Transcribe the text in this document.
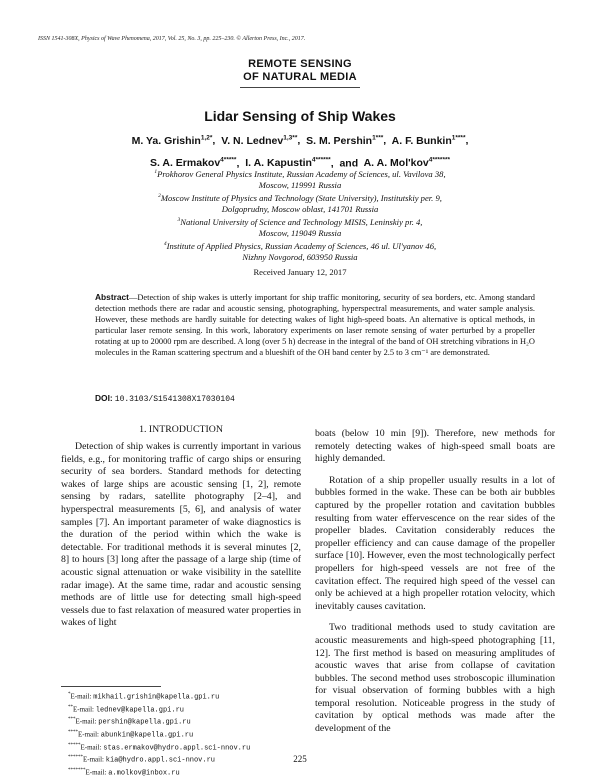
ISSN 1541-308X, Physics of Wave Phenomena, 2017, Vol. 25, No. 3, pp. 225–230. © Allerton Press, Inc., 2017.
REMOTE SENSING
OF NATURAL MEDIA
Lidar Sensing of Ship Wakes
M. Ya. Grishin$^{1,2*}$, V. N. Lednev$^{1,3**}$, S. M. Pershin$^{1***}$, A. F. Bunkin$^{1****}$,
S. A. Ermakov$^{4*****}$, I. A. Kapustin$^{4******}$, and A. A. Mol'kov$^{4*******}$
$^1$Prokhorov General Physics Institute, Russian Academy of Sciences, ul. Vavilova 38,
Moscow, 119991 Russia
$^2$Moscow Institute of Physics and Technology (State University), Institutskiy per. 9,
Dolgoprudny, Moscow oblast, 141701 Russia
$^3$National University of Science and Technology MISIS, Leninskiy pr. 4,
Moscow, 119049 Russia
$^4$Institute of Applied Physics, Russian Academy of Sciences, 46 ul. Ul'yanov 46,
Nizhny Novgorod, 603950 Russia
Received January 12, 2017
Abstract—Detection of ship wakes is utterly important for ship traffic monitoring, security of sea borders, etc. Among standard detection methods there are radar and acoustic sensing, photographing, hyperspectral measurements, and water sample analysis. However, these methods are hardly suitable for detecting wakes of light high-speed boats. An alternative is optical methods, in particular laser remote sensing. In this work, laboratory experiments on laser remote sensing of water perturbed by a propeller rotating at up to 20000 rpm are described. A long (over 5 h) decrease in the integral of the band of OH stretching vibrations in H₂O molecules in the Raman scattering spectrum and a blueshift of the OH band center by 2.5 to 3 cm⁻¹ are demonstrated.
DOI: 10.3103/S1541308X17030104
1. INTRODUCTION

Detection of ship wakes is currently important in various fields, e.g., for monitoring traffic of cargo ships or ensuring security of sea borders. Standard methods for detecting wakes of large ships are acoustic sensing [1, 2], remote sensing by radars, satellite photography [2–4], and hyperspectral measurements [5, 6], and analysis of water samples [7]. An important parameter of wake diagnostics is the duration of the period within which the wake is detectable. For traditional methods it is several minutes [2, 8] to hours [3] long after the passage of a large ship (time of acoustic signal attenuation or wake visibility in the satellite radar image). At the same time, radar and acoustic sensing methods are of little use for detecting small high-speed vessels due to fast relaxation of measured water properties in wakes of light

boats (below 10 min [9]). Therefore, new methods for remotely detecting wakes of high-speed small boats are highly demanded.

Rotation of a ship propeller usually results in a lot of bubbles formed in the wake. These can be both air bubbles captured by the propeller rotation and cavitation bubbles resulting from water effervescence on the rear sides of the propeller blades. Cavitation considerably reduces the propeller efficiency and can cause damage of the propeller surface [10]. However, even the most technologically perfect propellers for high-speed vessels are not free of the cavitation effect. The required high speed of the vessel can only be achieved at a high propeller rotation velocity, which inevitably causes cavitation.

Two traditional methods used to study cavitation are acoustic measurements and high-speed photographing [11, 12]. The first method is based on measuring amplitudes of acoustic waves that arise from collapse of cavitation bubbles. The second method uses stroboscopic illumination for visual observation of forming bubbles with a high temporal resolution. Noticeable progress in the study of cavitation by optical methods was made after the development of the

*E-mail: mikhail.grishin@kapella.gpi.ru
**E-mail: lednev@kapella.gpi.ru
***E-mail: pershin@kapella.gpi.ru
****E-mail: abunkin@kapella.gpi.ru
*****E-mail: stas.ermakov@hydro.appl.sci-nnov.ru
******E-mail: kia@hydro.appl.sci-nnov.ru
*******E-mail: a.molkov@inbox.ru
225
